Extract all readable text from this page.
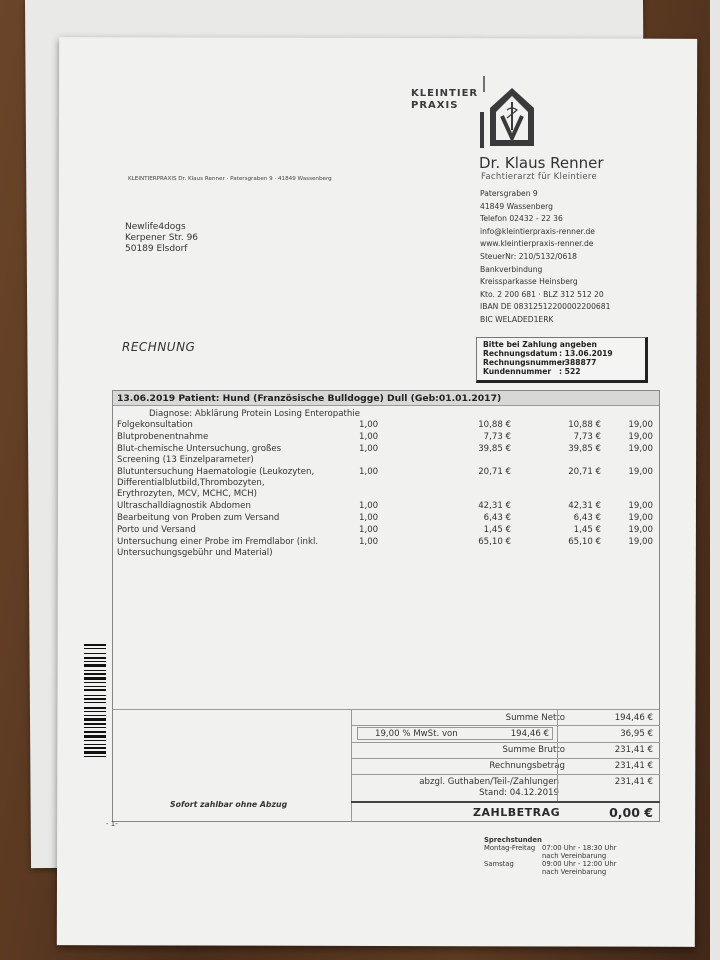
KLEINTIER
PRAXIS
Dr. Klaus Renner
Fachtierarzt für Kleintiere
KLEINTIERPRAXIS Dr. Klaus Renner · Patersgraben 9 · 41849 Wassenberg
Newlife4dogs
Kerpener Str. 96
50189 Elsdorf
Patersgraben 9
41849 Wassenberg
Telefon 02432 - 22 36
info@kleintierpraxis-renner.de
www.kleintierpraxis-renner.de
SteuerNr: 210/5132/0618
Bankverbindung
Kreissparkasse Heinsberg
Kto. 2 200 681 · BLZ 312 512 20
IBAN DE 08312512200002200681
BIC WELADED1ERK
RECHNUNG	Bitte bei Zahlung angeben
Rechnungsdatum : 13.06.2019
Rechnungsnummer
: 388877
Kundennummer	: 522
13.06.2019 Patient: Hund (Französische Bulldogge) Dull (Geb:01.01.2017)
Diagnose: Abklärung Protein Losing Enteropathie
Folgekonsultation	1,00	10,88 €	10,88 €	19,00
Blutprobenentnahme	1,00	7,73 €	7,73 €	19,00
Blut-chemische Untersuchung, großes
Screening (13 Einzelparameter)
1,00	39,85 €	39,85 €	19,00
Blutuntersuchung Haematologie (Leukozyten,
Differentialblutbild,Thrombozyten,
Erythrozyten, MCV, MCHC, MCH)
1,00	20,71 €	20,71 €	19,00
Ultraschalldiagnostik Abdomen	1,00	42,31 €	42,31 €	19,00
Bearbeitung von Proben zum Versand	1,00	6,43 €	6,43 €	19,00
Porto und Versand	1,00	1,45 €	1,45 €	19,00
Untersuchung einer Probe im Fremdlabor (inkl.
Untersuchungsgebühr und Material)
1,00	65,10 €	65,10 €	19,00
Summe Netto	194,46 €
19,00 % MwSt. von	194,46 €	36,95 €
Summe Brutto	231,41 €
Rechnungsbetrag	231,41 €
abzgl. Guthaben/Teil-/Zahlungen
Stand: 04.12.2019
231,41 €
ZAHLBETRAG	0,00 €
Sofort zahlbar ohne Abzug
- 1-
Sprechstunden
Montag-Freitag 07:00 Uhr - 18:30 Uhr
nach Vereinbarung
Samstag	09:00 Uhr - 12:00 Uhr
nach Vereinbarung
